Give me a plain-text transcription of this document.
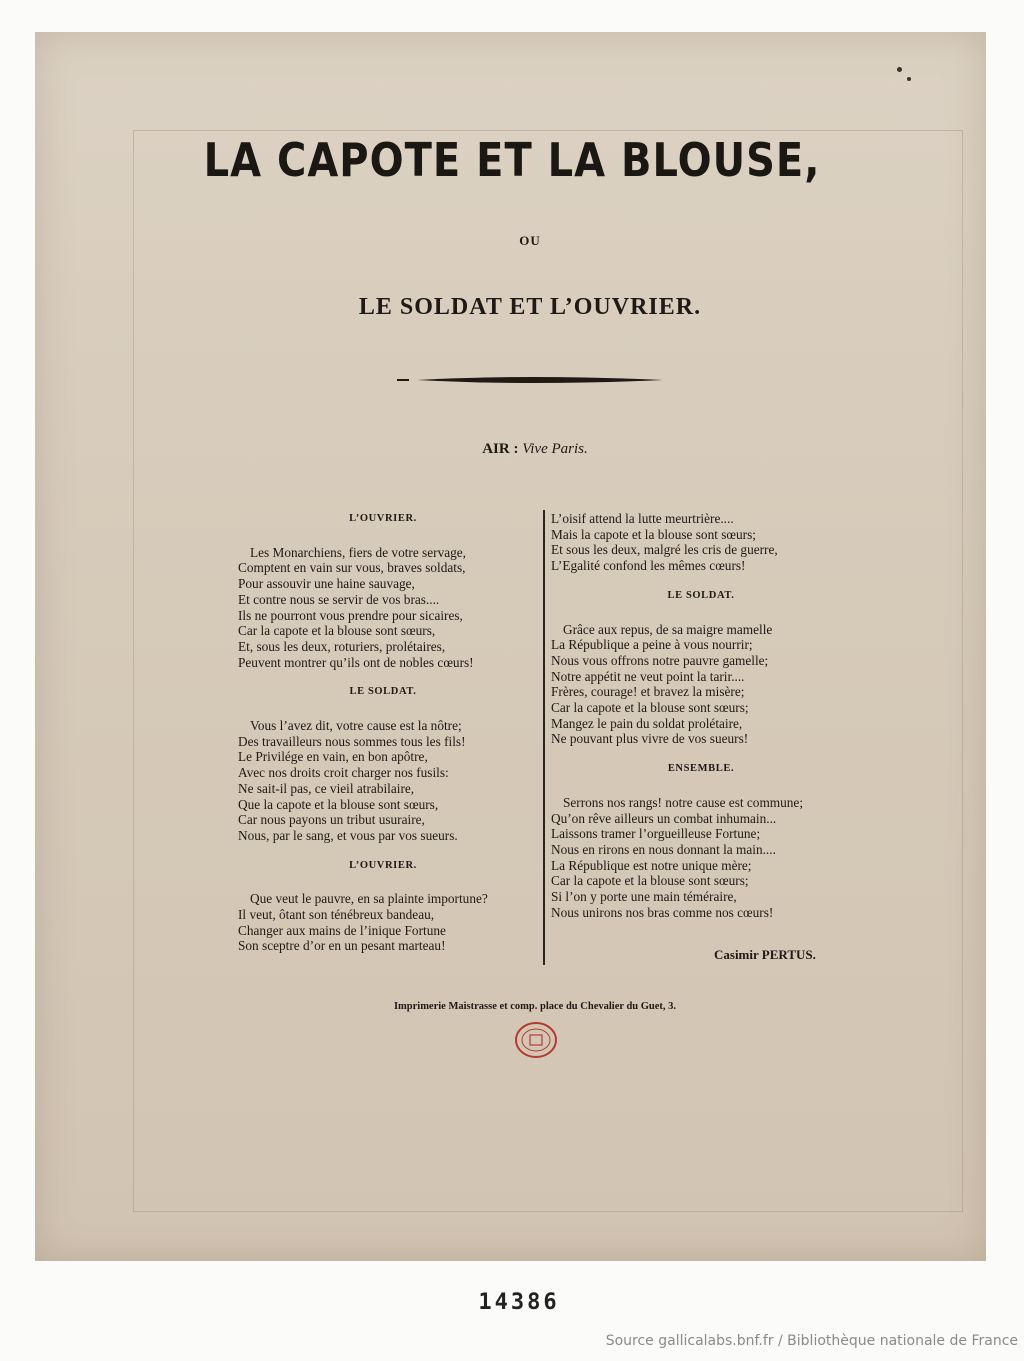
LA CAPOTE ET LA BLOUSE,
OU
LE SOLDAT ET L’OUVRIER.
AIR : Vive Paris.

L’OUVRIER.

Les Monarchiens, fiers de votre servage,
Comptent en vain sur vous, braves soldats,
Pour assouvir une haine sauvage,
Et contre nous se servir de vos bras....
Ils ne pourront vous prendre pour sicaires,
Car la capote et la blouse sont sœurs,
Et, sous les deux, roturiers, prolétaires,
Peuvent montrer qu’ils ont de nobles cœurs!

LE SOLDAT.

Vous l’avez dit, votre cause est la nôtre;
Des travailleurs nous sommes tous les fils!
Le Privilége en vain, en bon apôtre,
Avec nos droits croit charger nos fusils:
Ne sait-il pas, ce vieil atrabilaire,
Que la capote et la blouse sont sœurs,
Car nous payons un tribut usuraire,
Nous, par le sang, et vous par vos sueurs.

L’OUVRIER.

Que veut le pauvre, en sa plainte importune?
Il veut, ôtant son ténébreux bandeau,
Changer aux mains de l’inique Fortune
Son sceptre d’or en un pesant marteau!
L’oisif attend la lutte meurtrière....
Mais la capote et la blouse sont sœurs;
Et sous les deux, malgré les cris de guerre,
L’Egalité confond les mêmes cœurs!

LE SOLDAT.

Grâce aux repus, de sa maigre mamelle
La République a peine à vous nourrir;
Nous vous offrons notre pauvre gamelle;
Notre appétit ne veut point la tarir....
Frères, courage! et bravez la misère;
Car la capote et la blouse sont sœurs;
Mangez le pain du soldat prolétaire,
Ne pouvant plus vivre de vos sueurs!

ENSEMBLE.

Serrons nos rangs! notre cause est commune;
Qu’on rêve ailleurs un combat inhumain...
Laissons tramer l’orgueilleuse Fortune;
Nous en rirons en nous donnant la main....
La République est notre unique mère;
Car la capote et la blouse sont sœurs;
Si l’on y porte une main téméraire,
Nous unirons nos bras comme nos cœurs!
Casimir PERTUS.
Imprimerie Maistrasse et comp. place du Chevalier du Guet, 3.
14386
Source gallicalabs.bnf.fr / Bibliothèque nationale de France
